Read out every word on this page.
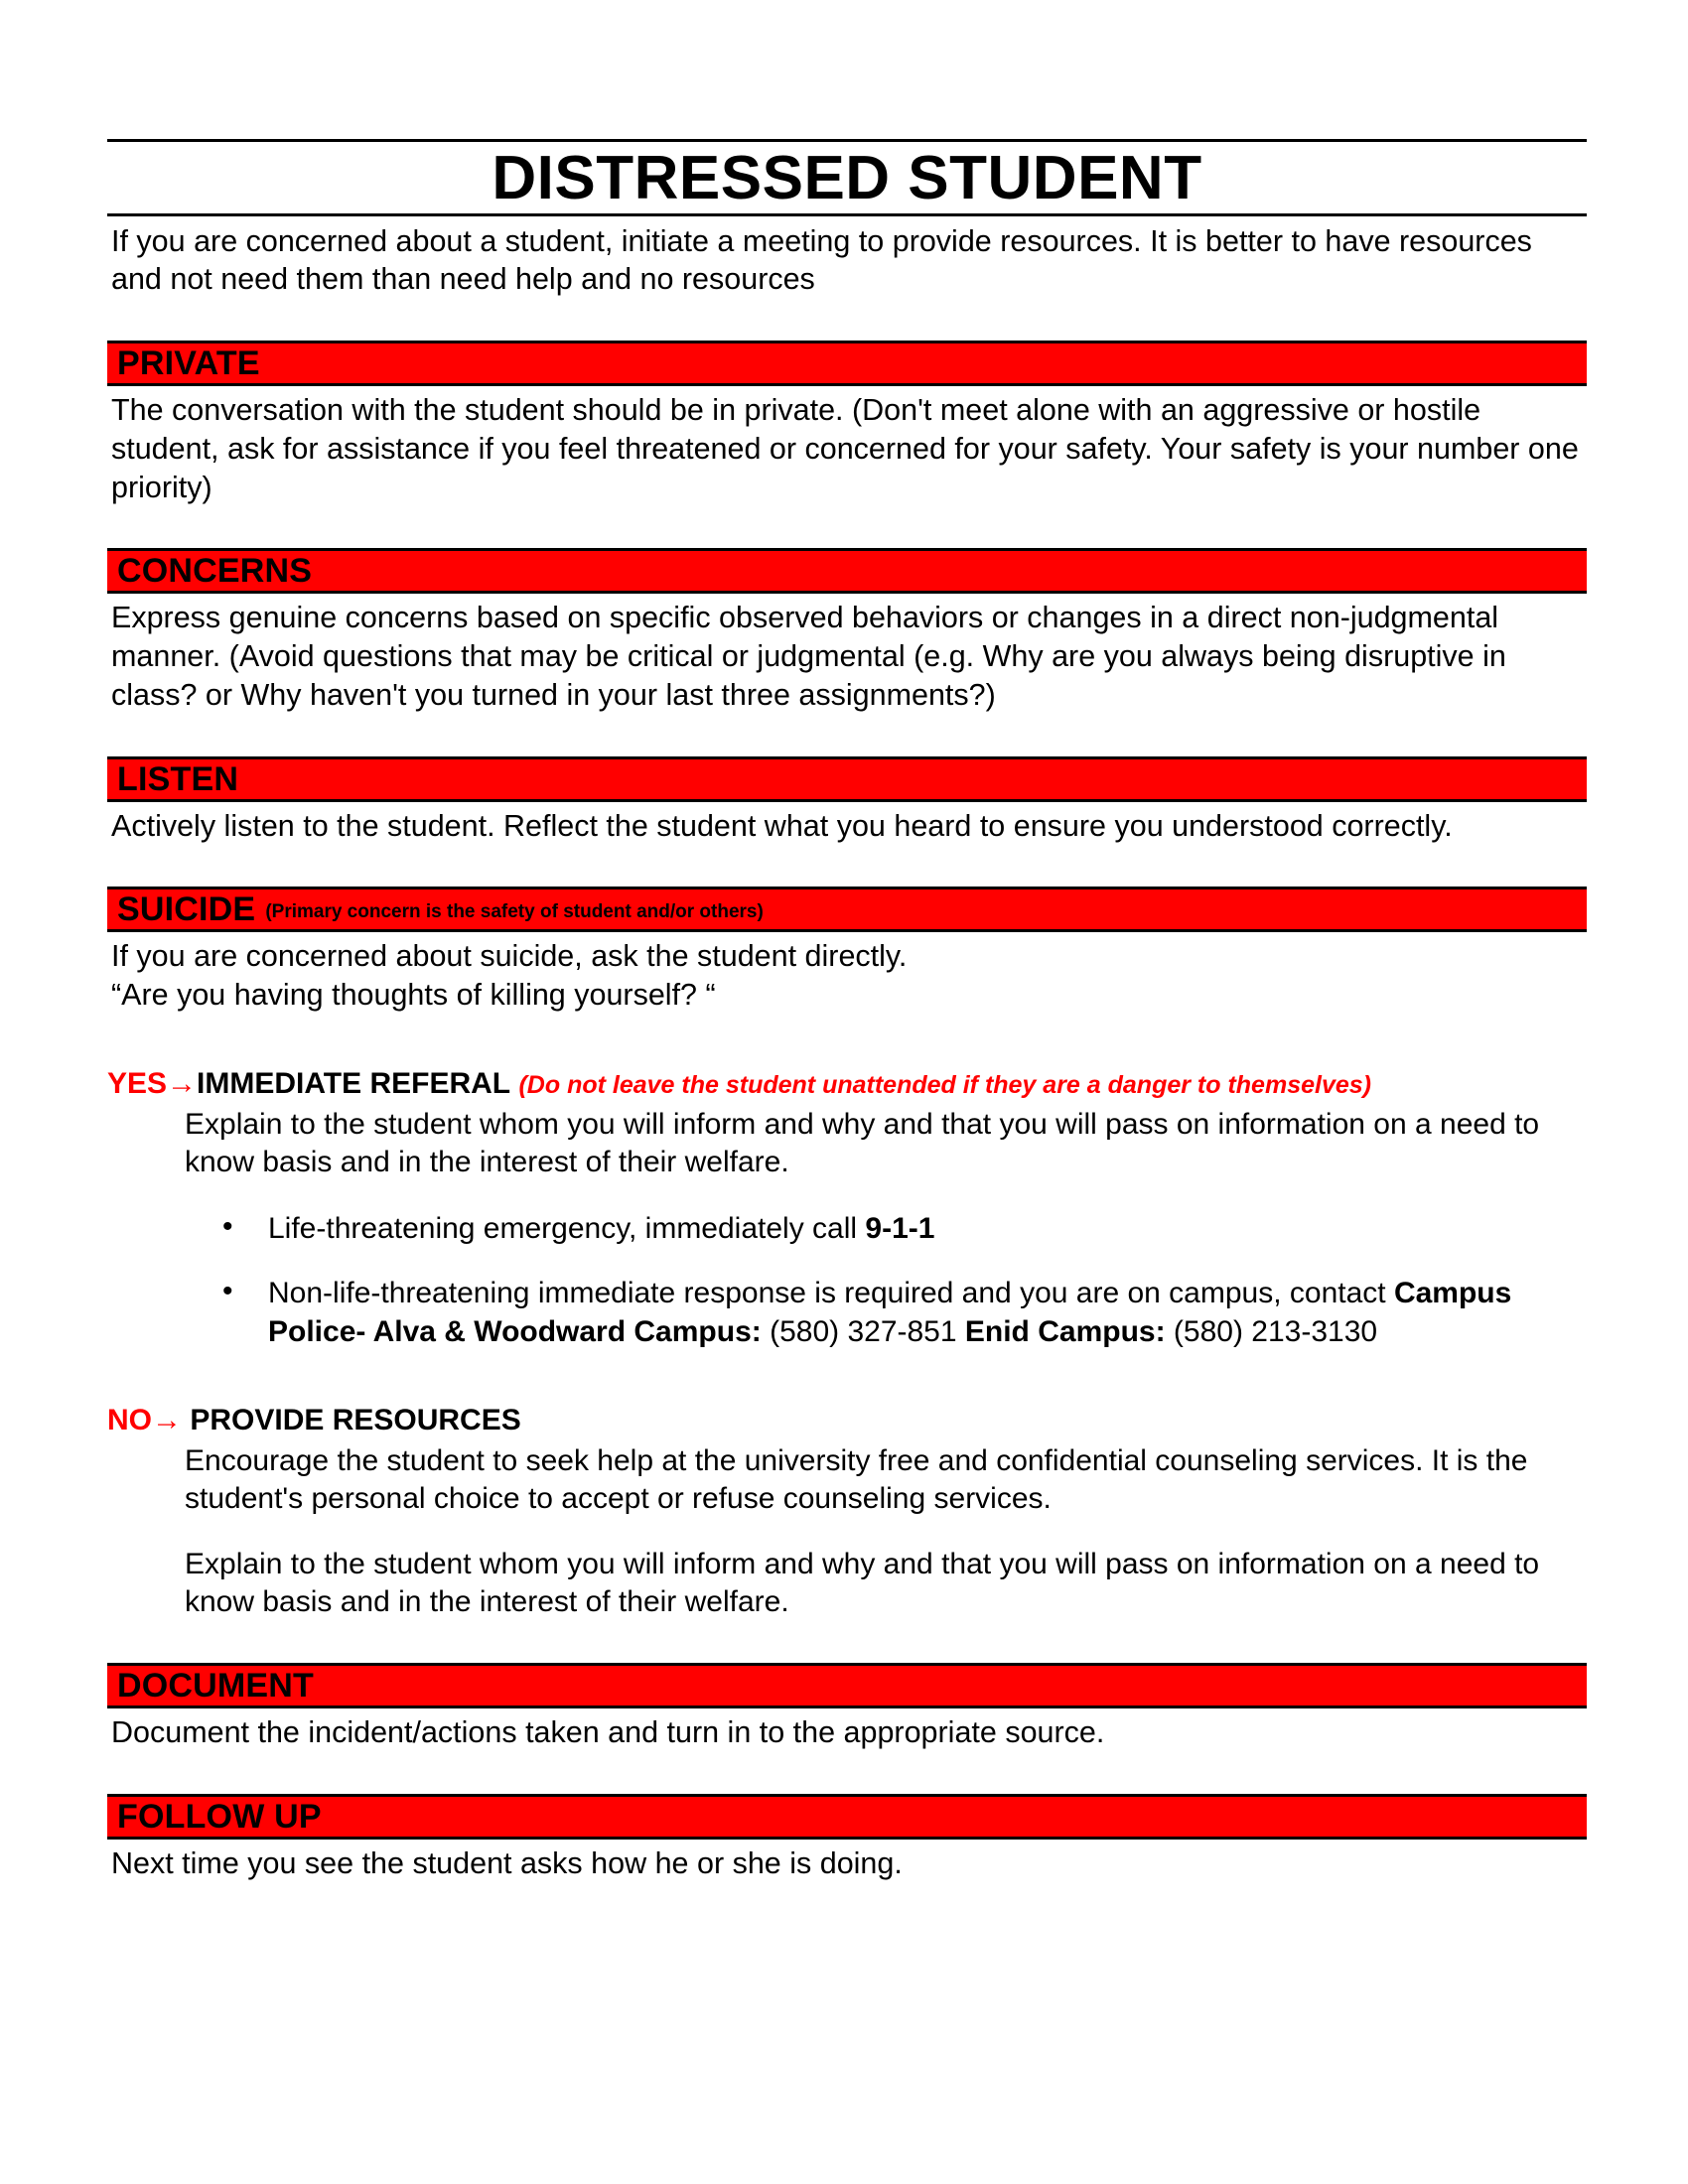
DISTRESSED STUDENT

If you are concerned about a student, initiate a meeting to provide resources. It is better to have resources and not need them than need help and no resources

PRIVATE

The conversation with the student should be in private. (Don't meet alone with an aggressive or hostile student, ask for assistance if you feel threatened or concerned for your safety. Your safety is your number one priority)

CONCERNS

Express genuine concerns based on specific observed behaviors or changes in a direct non-judgmental manner. (Avoid questions that may be critical or judgmental (e.g. Why are you always being disruptive in class? or Why haven't you turned in your last three assignments?)

LISTEN

Actively listen to the student. Reflect the student what you heard to ensure you understood correctly.

SUICIDE (Primary concern is the safety of student and/or others)

If you are concerned about suicide, ask the student directly.

“Are you having thoughts of killing yourself? “

YES→IMMEDIATE REFERAL (Do not leave the student unattended if they are a danger to themselves)
Explain to the student whom you will inform and why and that you will pass on information on a need to know basis and in the interest of their welfare.
• Life-threatening emergency, immediately call 9-1-1
• Non-life-threatening immediate response is required and you are on campus, contact Campus Police- Alva & Woodward Campus: (580) 327-851 Enid Campus: (580) 213-3130
NO→ PROVIDE RESOURCES
Encourage the student to seek help at the university free and confidential counseling services. It is the student's personal choice to accept or refuse counseling services.
Explain to the student whom you will inform and why and that you will pass on information on a need to know basis and in the interest of their welfare.
DOCUMENT

Document the incident/actions taken and turn in to the appropriate source.

FOLLOW UP

Next time you see the student asks how he or she is doing.
